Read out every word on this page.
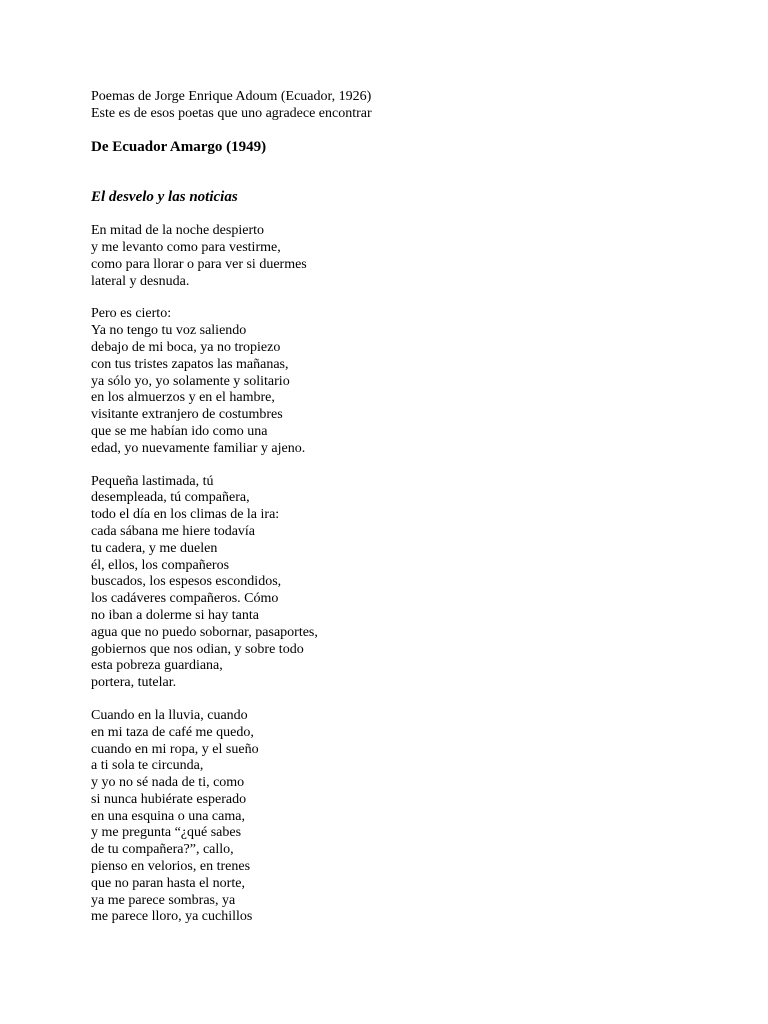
Poemas de Jorge Enrique Adoum (Ecuador, 1926)
Este es de esos poetas que uno agradece encontrar
De Ecuador Amargo (1949)
El desvelo y las noticias
En mitad de la noche despierto
y me levanto como para vestirme,
como para llorar o para ver si duermes
lateral y desnuda.
Pero es cierto:
Ya no tengo tu voz saliendo
debajo de mi boca, ya no tropiezo
con tus tristes zapatos las mañanas,
ya sólo yo, yo solamente y solitario
en los almuerzos y en el hambre,
visitante extranjero de costumbres
que se me habían ido como una
edad, yo nuevamente familiar y ajeno.
Pequeña lastimada, tú
desempleada, tú compañera,
todo el día en los climas de la ira:
cada sábana me hiere todavía
tu cadera, y me duelen
él, ellos, los compañeros
buscados, los espesos escondidos,
los cadáveres compañeros. Cómo
no iban a dolerme si hay tanta
agua que no puedo sobornar, pasaportes,
gobiernos que nos odian, y sobre todo
esta pobreza guardiana,
portera, tutelar.
Cuando en la lluvia, cuando
en mi taza de café me quedo,
cuando en mi ropa, y el sueño
a ti sola te circunda,
y yo no sé nada de ti, como
si nunca hubiérate esperado
en una esquina o una cama,
y me pregunta “¿qué sabes
de tu compañera?”, callo,
pienso en velorios, en trenes
que no paran hasta el norte,
ya me parece sombras, ya
me parece lloro, ya cuchillos
